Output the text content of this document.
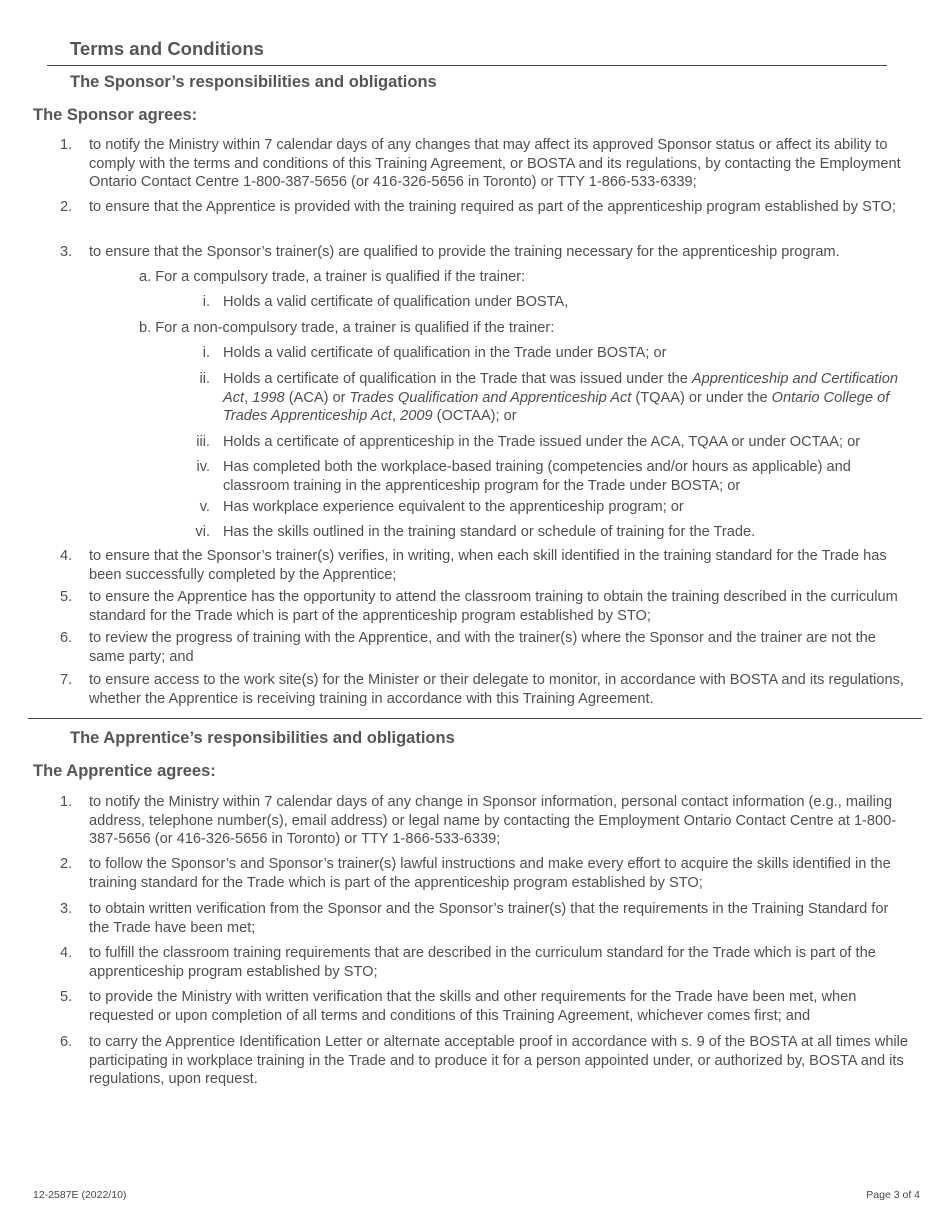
Terms and Conditions
The Sponsor’s responsibilities and obligations
The Sponsor agrees:
1.	to notify the Ministry within 7 calendar days of any changes that may affect its approved Sponsor status or affect its ability to comply with the terms and conditions of this Training Agreement, or BOSTA and its regulations, by contacting the Employment Ontario Contact Centre 1-800-387-5656 (or 416-326-5656 in Toronto) or TTY 1-866-533-6339;
2.	to ensure that the Apprentice is provided with the training required as part of the apprenticeship program established by STO;
3.	to ensure that the Sponsor’s trainer(s) are qualified to provide the training necessary for the apprenticeship program.
a. For a compulsory trade, a trainer is qualified if the trainer:
i. Holds a valid certificate of qualification under BOSTA,
b. For a non-compulsory trade, a trainer is qualified if the trainer:
i. Holds a valid certificate of qualification in the Trade under BOSTA; or
ii. Holds a certificate of qualification in the Trade that was issued under the Apprenticeship and Certification Act, 1998 (ACA) or Trades Qualification and Apprenticeship Act (TQAA) or under the Ontario College of Trades Apprenticeship Act, 2009 (OCTAA); or
iii. Holds a certificate of apprenticeship in the Trade issued under the ACA, TQAA or under OCTAA; or
iv. Has completed both the workplace-based training (competencies and/or hours as applicable) and classroom training in the apprenticeship program for the Trade under BOSTA; or
v. Has workplace experience equivalent to the apprenticeship program; or
vi. Has the skills outlined in the training standard or schedule of training for the Trade.
4.	to ensure that the Sponsor’s trainer(s) verifies, in writing, when each skill identified in the training standard for the Trade has been successfully completed by the Apprentice;
5.	to ensure the Apprentice has the opportunity to attend the classroom training to obtain the training described in the curriculum standard for the Trade which is part of the apprenticeship program established by STO;
6.	to review the progress of training with the Apprentice, and with the trainer(s) where the Sponsor and the trainer are not the same party; and
7.	to ensure access to the work site(s) for the Minister or their delegate to monitor, in accordance with BOSTA and its regulations, whether the Apprentice is receiving training in accordance with this Training Agreement.
The Apprentice’s responsibilities and obligations
The Apprentice agrees:
1.	to notify the Ministry within 7 calendar days of any change in Sponsor information, personal contact information (e.g., mailing address, telephone number(s), email address) or legal name by contacting the Employment Ontario Contact Centre at 1-800-387-5656 (or 416-326-5656 in Toronto) or TTY 1-866-533-6339;
2.	to follow the Sponsor’s and Sponsor’s trainer(s) lawful instructions and make every effort to acquire the skills identified in the training standard for the Trade which is part of the apprenticeship program established by STO;
3.	to obtain written verification from the Sponsor and the Sponsor’s trainer(s) that the requirements in the Training Standard for the Trade have been met;
4.	to fulfill the classroom training requirements that are described in the curriculum standard for the Trade which is part of the apprenticeship program established by STO;
5.	to provide the Ministry with written verification that the skills and other requirements for the Trade have been met, when requested or upon completion of all terms and conditions of this Training Agreement, whichever comes first; and
6.	to carry the Apprentice Identification Letter or alternate acceptable proof in accordance with s. 9 of the BOSTA at all times while participating in workplace training in the Trade and to produce it for a person appointed under, or authorized by, BOSTA and its regulations, upon request.
12-2587E (2022/10)	Page 3 of 4
